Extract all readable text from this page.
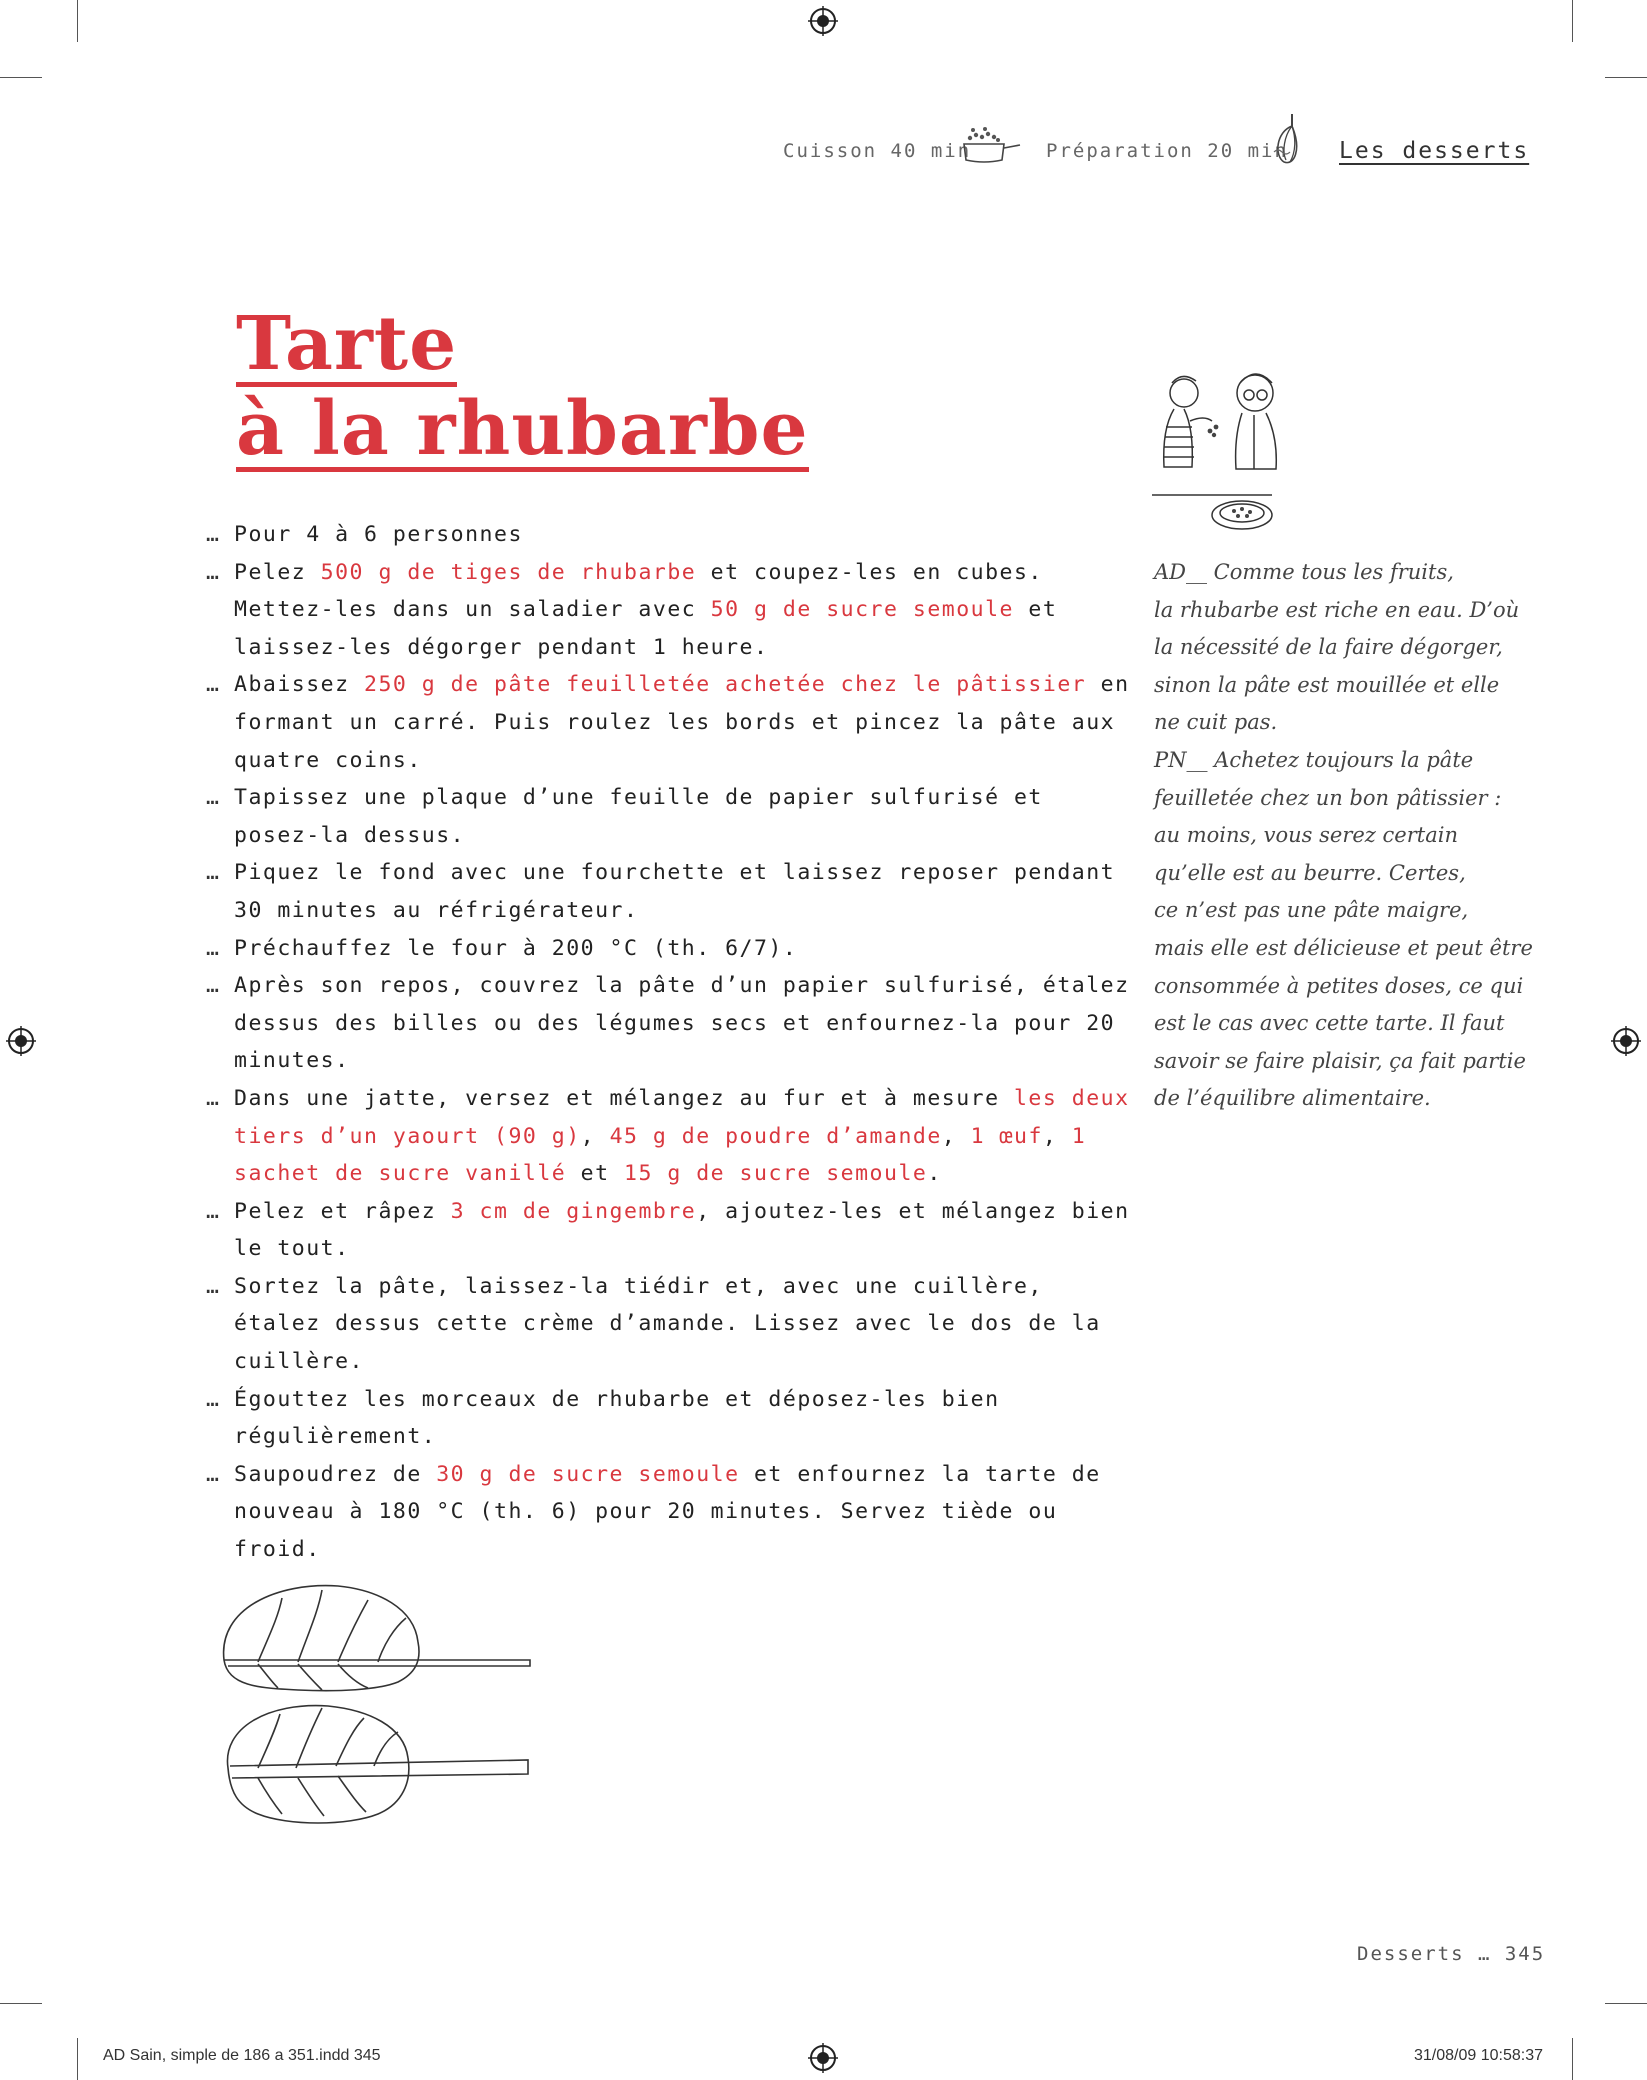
Cuisson 40 min	Préparation 20 min Les desserts
Tarte
à la rhubarbe
… Pour 4 à 6 personnes
… Pelez 500 g de tiges de rhubarbe et coupez-les en cubes. Mettez-les dans un saladier avec 50 g de sucre semoule et laissez-les dégorger pendant 1 heure.
… Abaissez 250 g de pâte feuilletée achetée chez le pâtissier en formant un carré. Puis roulez les bords et pincez la pâte aux quatre coins.
… Tapissez une plaque d’une feuille de papier sulfurisé et posez-la dessus.
… Piquez le fond avec une fourchette et laissez reposer pendant 30 minutes au réfrigérateur.
… Préchauffez le four à 200 °C (th. 6/7).
… Après son repos, couvrez la pâte d’un papier sulfurisé, étalez dessus des billes ou des légumes secs et enfournez-la pour 20 minutes.
… Dans une jatte, versez et mélangez au fur et à mesure les deux tiers d’un yaourt (90 g), 45 g de poudre d’amande, 1 œuf, 1 sachet de sucre vanillé et 15 g de sucre semoule.
… Pelez et râpez 3 cm de gingembre, ajoutez-les et mélangez bien le tout.
… Sortez la pâte, laissez-la tiédir et, avec une cuillère, étalez dessus cette crème d’amande. Lissez avec le dos de la cuillère.
… Égouttez les morceaux de rhubarbe et déposez-les bien régulièrement.
… Saupoudrez de 30 g de sucre semoule et enfournez la tarte de nouveau à 180 °C (th. 6) pour 20 minutes. Servez tiède ou froid.
AD__ Comme tous les fruits,
la rhubarbe est riche en eau. D’où
la nécessité de la faire dégorger,
sinon la pâte est mouillée et elle
ne cuit pas.
PN__ Achetez toujours la pâte
feuilletée chez un bon pâtissier :
au moins, vous serez certain
qu’elle est au beurre. Certes,
ce n’est pas une pâte maigre,
mais elle est délicieuse et peut être
consommée à petites doses, ce qui
est le cas avec cette tarte. Il faut
savoir se faire plaisir, ça fait partie
de l’équilibre alimentaire.
Desserts … 345
AD Sain, simple de 186 a 351.indd 345	31/08/09 10:58:37
